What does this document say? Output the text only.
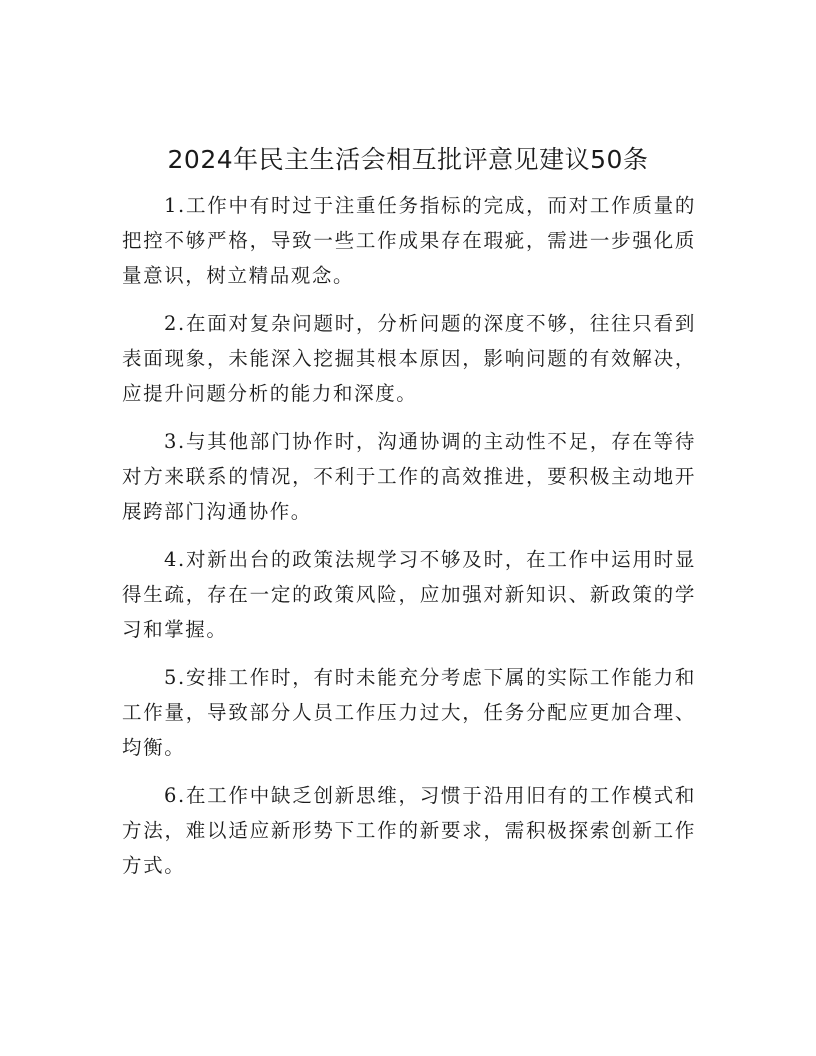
2024年民主生活会相互批评意见建议50条

1.工作中有时过于注重任务指标的完成，而对工作质量的把控不够严格，导致一些工作成果存在瑕疵，需进一步强化质量意识，树立精品观念。

2.在面对复杂问题时，分析问题的深度不够，往往只看到表面现象，未能深入挖掘其根本原因，影响问题的有效解决，应提升问题分析的能力和深度。

3.与其他部门协作时，沟通协调的主动性不足，存在等待对方来联系的情况，不利于工作的高效推进，要积极主动地开展跨部门沟通协作。

4.对新出台的政策法规学习不够及时，在工作中运用时显得生疏，存在一定的政策风险，应加强对新知识、新政策的学习和掌握。

5.安排工作时，有时未能充分考虑下属的实际工作能力和工作量，导致部分人员工作压力过大，任务分配应更加合理、均衡。

6.在工作中缺乏创新思维，习惯于沿用旧有的工作模式和方法，难以适应新形势下工作的新要求，需积极探索创新工作方式。
